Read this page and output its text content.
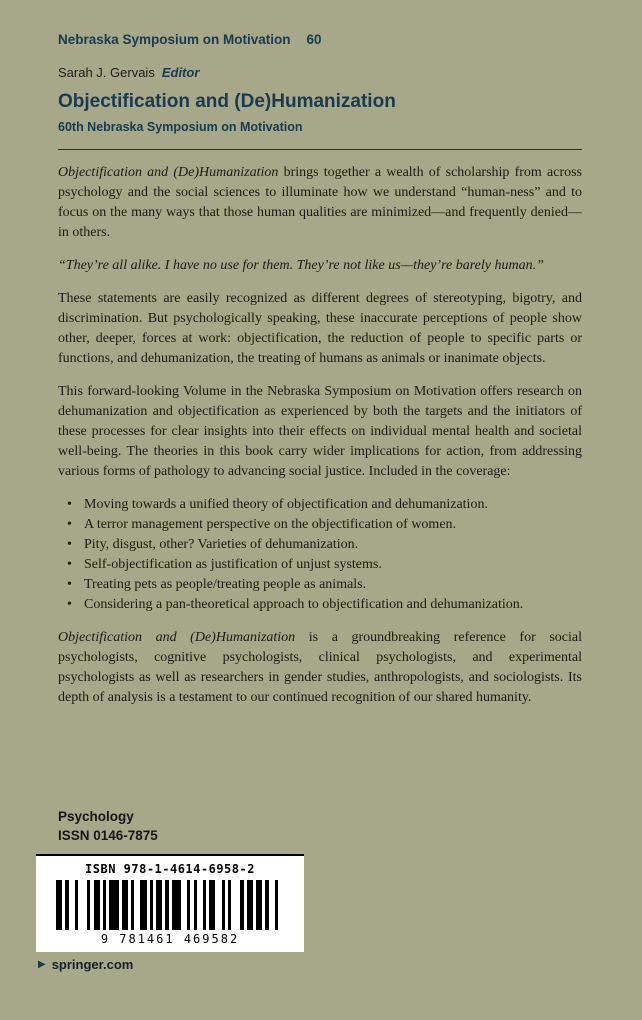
Nebraska Symposium on Motivation 60
Sarah J. Gervais Editor
Objectification and (De)Humanization
60th Nebraska Symposium on Motivation

Objectification and (De)Humanization brings together a wealth of scholarship from across psychology and the social sciences to illuminate how we understand “human-ness” and to focus on the many ways that those human qualities are minimized—and frequently denied—in others.

“They’re all alike. I have no use for them. They’re not like us—they’re barely human.”

These statements are easily recognized as different degrees of stereotyping, bigotry, and discrimination. But psychologically speaking, these inaccurate perceptions of people show other, deeper, forces at work: objectification, the reduction of people to specific parts or functions, and dehumanization, the treating of humans as animals or inanimate objects.

This forward-looking Volume in the Nebraska Symposium on Motivation offers research on dehumanization and objectification as experienced by both the targets and the initiators of these processes for clear insights into their effects on individual mental health and societal well-being. The theories in this book carry wider implications for action, from addressing various forms of pathology to advancing social justice. Included in the coverage:

• Moving towards a unified theory of objectification and dehumanization.
• A terror management perspective on the objectification of women.
• Pity, disgust, other? Varieties of dehumanization.
• Self-objectification as justification of unjust systems.
• Treating pets as people/treating people as animals.
• Considering a pan-theoretical approach to objectification and dehumanization.

Objectification and (De)Humanization is a groundbreaking reference for social psychologists, cognitive psychologists, clinical psychologists, and experimental psychologists as well as researchers in gender studies, anthropologists, and sociologists. Its depth of analysis is a testament to our continued recognition of our shared humanity.

Psychology
ISSN 0146-7875
ISBN 978-1-4614-6958-2
9 781461 469582
▶ springer.com
